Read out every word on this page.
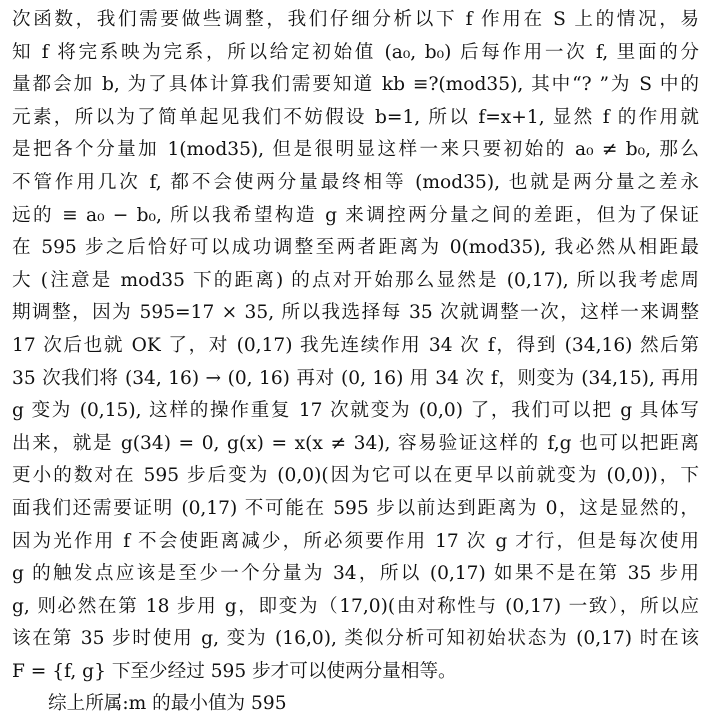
次函数，我们需要做些调整，我们仔细分析以下 f 作用在 S 上的情况，易
知 f 将完系映为完系，所以给定初始值 (a₀, b₀) 后每作用一次 f, 里面的分
量都会加 b, 为了具体计算我们需要知道 kb ≡?(mod35), 其中“? ”为 S 中的
元素，所以为了简单起见我们不妨假设 b=1, 所以 f=x+1, 显然 f 的作用就
是把各个分量加 1(mod35), 但是很明显这样一来只要初始的 a₀ ≠ b₀, 那么
不管作用几次 f, 都不会使两分量最终相等 (mod35), 也就是两分量之差永
远的 ≡ a₀ − b₀, 所以我希望构造 g 来调控两分量之间的差距，但为了保证
在 595 步之后恰好可以成功调整至两者距离为 0(mod35), 我必然从相距最
大 (注意是 mod35 下的距离) 的点对开始那么显然是 (0,17), 所以我考虑周
期调整，因为 595=17 × 35, 所以我选择每 35 次就调整一次，这样一来调整
17 次后也就 OK 了，对 (0,17) 我先连续作用 34 次 f，得到 (34,16) 然后第
35 次我们将 (34, 16) → (0, 16) 再对 (0, 16) 用 34 次 f，则变为 (34,15), 再用
g 变为 (0,15), 这样的操作重复 17 次就变为 (0,0) 了，我们可以把 g 具体写
出来，就是 g(34) = 0, g(x) = x(x ≠ 34), 容易验证这样的 f,g 也可以把距离
更小的数对在 595 步后变为 (0,0)(因为它可以在更早以前就变为 (0,0))，下
面我们还需要证明 (0,17) 不可能在 595 步以前达到距离为 0，这是显然的，
因为光作用 f 不会使距离减少，所必须要作用 17 次 g 才行，但是每次使用
g 的触发点应该是至少一个分量为 34，所以 (0,17) 如果不是在第 35 步用
g, 则必然在第 18 步用 g，即变为（17,0)(由对称性与 (0,17) 一致），所以应
该在第 35 步时使用 g, 变为 (16,0), 类似分析可知初始状态为 (0,17) 时在该
F = {f, g} 下至少经过 595 步才可以使两分量相等。
综上所属:m 的最小值为 595
